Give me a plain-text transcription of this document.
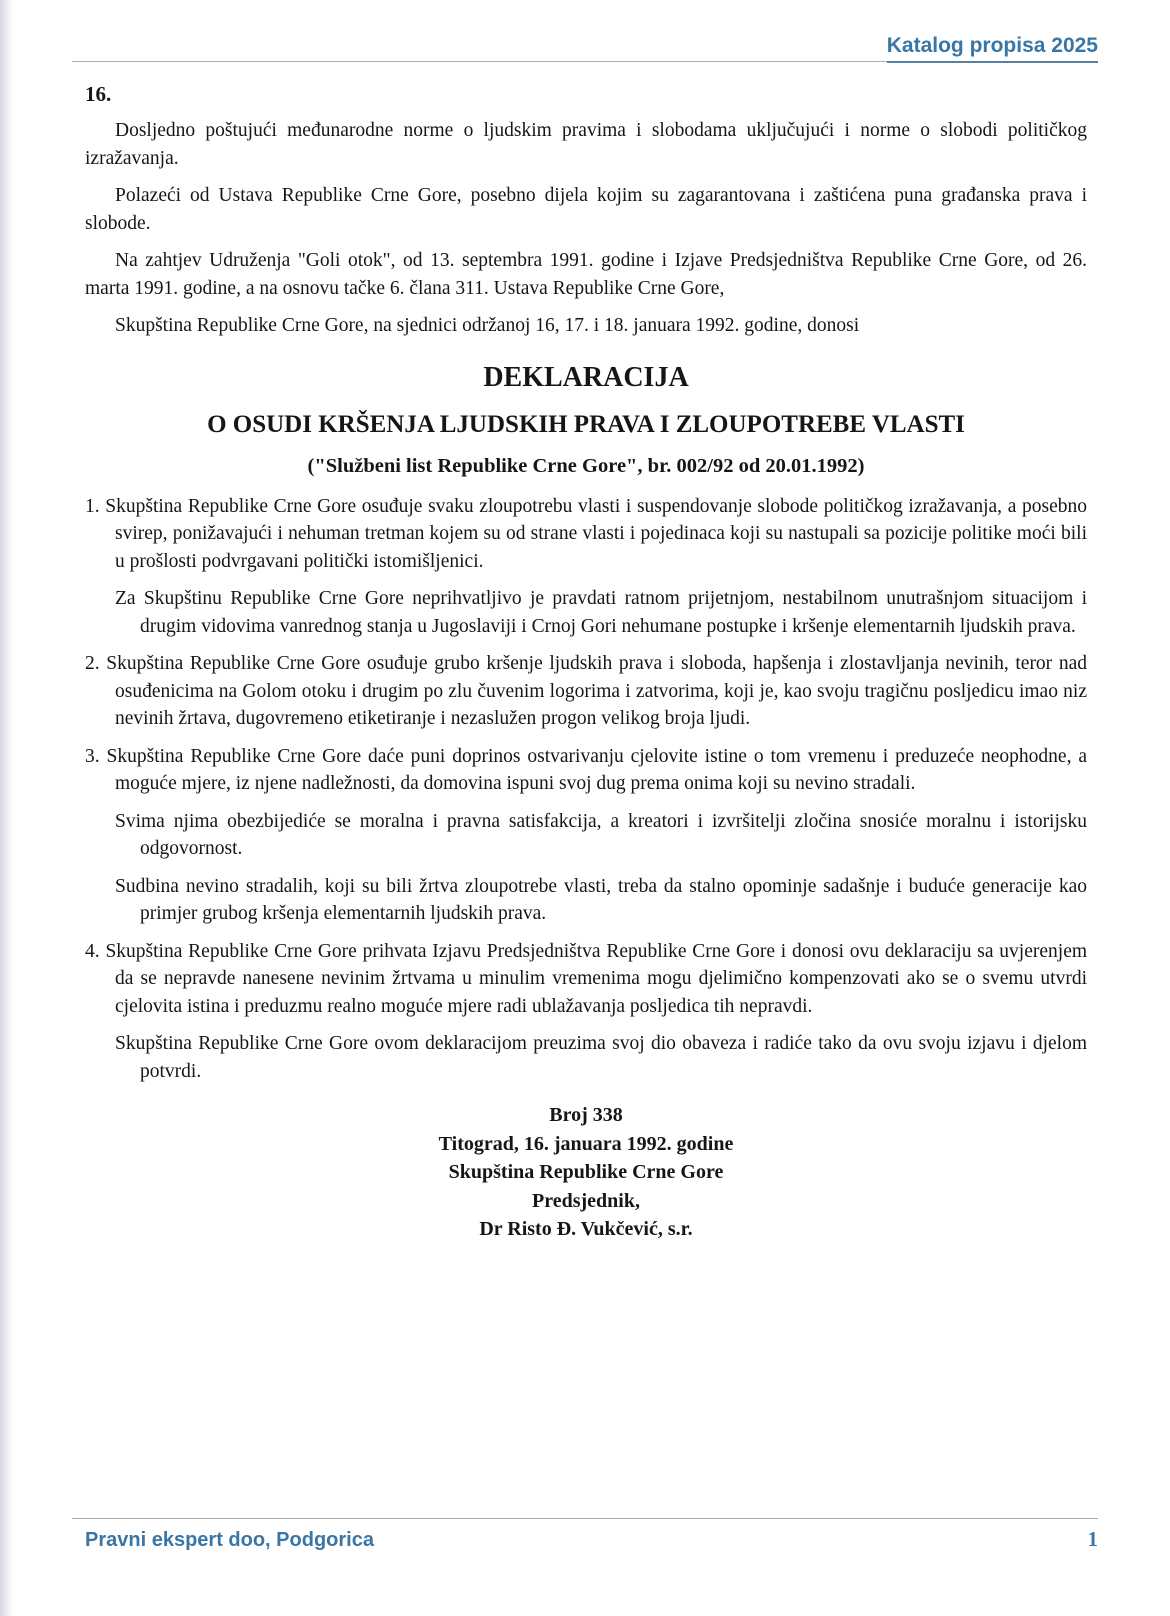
Katalog propisa 2025
16.
Dosljedno poštujući međunarodne norme o ljudskim pravima i slobodama uključujući i norme o slobodi političkog izražavanja.
Polazeći od Ustava Republike Crne Gore, posebno dijela kojim su zagarantovana i zaštićena puna građanska prava i slobode.
Na zahtjev Udruženja "Goli otok", od 13. septembra 1991. godine i Izjave Predsjedništva Republike Crne Gore, od 26. marta 1991. godine, a na osnovu tačke 6. člana 311. Ustava Republike Crne Gore,
Skupština Republike Crne Gore, na sjednici održanoj 16, 17. i 18. januara 1992. godine, donosi
DEKLARACIJA
O OSUDI KRŠENJA LJUDSKIH PRAVA I ZLOUPOTREBE VLASTI
("Službeni list Republike Crne Gore", br. 002/92 od 20.01.1992)
1. Skupština Republike Crne Gore osuđuje svaku zloupotrebu vlasti i suspendovanje slobode političkog izražavanja, a posebno svirep, ponižavajući i nehuman tretman kojem su od strane vlasti i pojedinaca koji su nastupali sa pozicije politike moći bili u prošlosti podvrgavani politički istomišljenici.
Za Skupštinu Republike Crne Gore neprihvatljivo je pravdati ratnom prijetnjom, nestabilnom unutrašnjom situacijom i drugim vidovima vanrednog stanja u Jugoslaviji i Crnoj Gori nehumane postupke i kršenje elementarnih ljudskih prava.
2. Skupština Republike Crne Gore osuđuje grubo kršenje ljudskih prava i sloboda, hapšenja i zlostavljanja nevinih, teror nad osuđenicima na Golom otoku i drugim po zlu čuvenim logorima i zatvorima, koji je, kao svoju tragičnu posljedicu imao niz nevinih žrtava, dugovremeno etiketiranje i nezaslužen progon velikog broja ljudi.
3. Skupština Republike Crne Gore daće puni doprinos ostvarivanju cjelovite istine o tom vremenu i preduzeće neophodne, a moguće mjere, iz njene nadležnosti, da domovina ispuni svoj dug prema onima koji su nevino stradali.
Svima njima obezbijediće se moralna i pravna satisfakcija, a kreatori i izvršitelji zločina snosiće moralnu i istorijsku odgovornost.
Sudbina nevino stradalih, koji su bili žrtva zloupotrebe vlasti, treba da stalno opominje sadašnje i buduće generacije kao primjer grubog kršenja elementarnih ljudskih prava.
4. Skupština Republike Crne Gore prihvata Izjavu Predsjedništva Republike Crne Gore i donosi ovu deklaraciju sa uvjerenjem da se nepravde nanesene nevinim žrtvama u minulim vremenima mogu djelimično kompenzovati ako se o svemu utvrdi cjelovita istina i preduzmu realno moguće mjere radi ublažavanja posljedica tih nepravdi.
Skupština Republike Crne Gore ovom deklaracijom preuzima svoj dio obaveza i radiće tako da ovu svoju izjavu i djelom potvrdi.
Broj 338
Titograd, 16. januara 1992. godine
Skupština Republike Crne Gore
Predsjednik,
Dr Risto Đ. Vukčević, s.r.
Pravni ekspert doo, Podgorica	1
